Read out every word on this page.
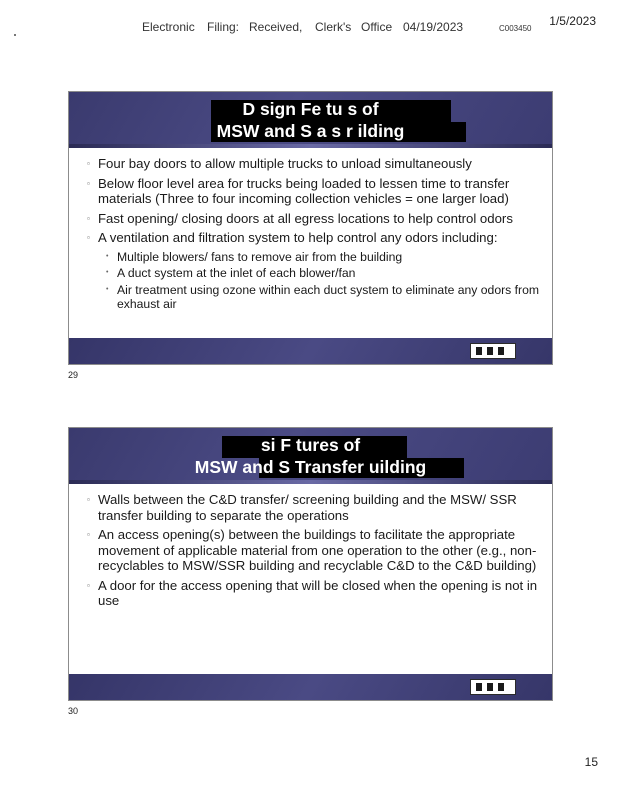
Electronic Filing: Received, Clerk's Office 04/19/2023	C003450
1/5/2023
D sign Fe tu s of
MSW and S a s r ilding
▫ Four bay doors to allow multiple trucks to unload simultaneously
▫ Below floor level area for trucks being loaded to lessen time to transfer materials (Three to four incoming collection vehicles = one larger load)
▫ Fast opening/ closing doors at all egress locations to help control odors
▫ A ventilation and filtration system to help control any odors including:
• Multiple blowers/ fans to remove air from the building
• A duct system at the inlet of each blower/fan
• Air treatment using ozone within each duct system to eliminate any odors from exhaust air
29
si F tures of
MSW and S Transfer uilding
▫ Walls between the C&D transfer/ screening building and the MSW/ SSR transfer building to separate the operations
▫ An access opening(s) between the buildings to facilitate the appropriate movement of applicable material from one operation to the other (e.g., non-recyclables to MSW/SSR building and recyclable C&D to the C&D building)
▫ A door for the access opening that will be closed when the opening is not in use
30
15
